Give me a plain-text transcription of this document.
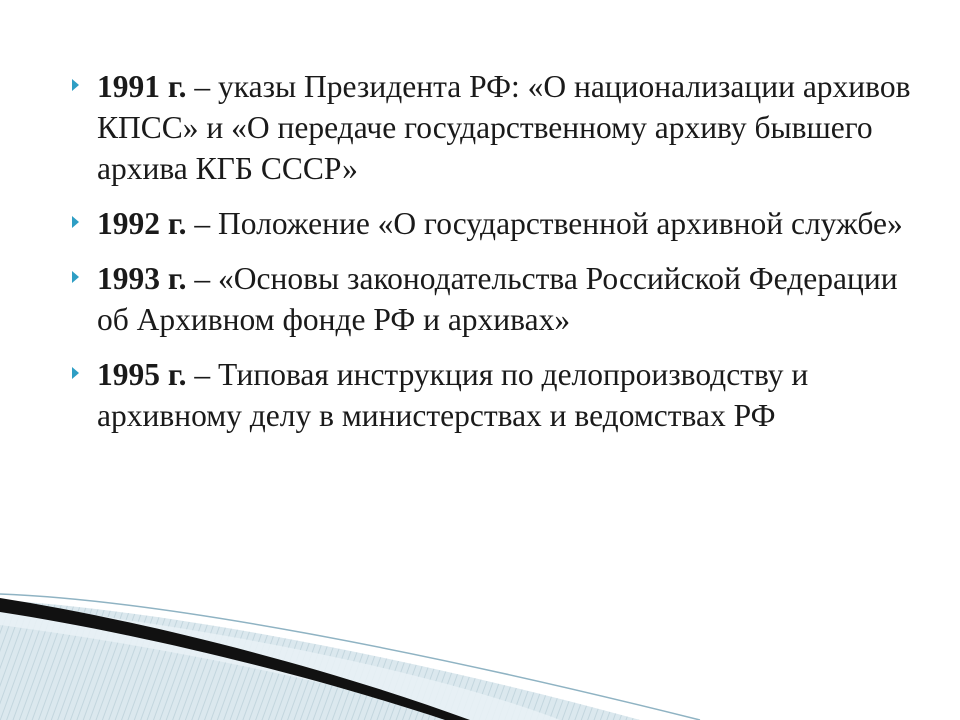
1991 г. – указы Президента РФ: «О национализации архивов КПСС» и «О передаче государственному архиву бывшего архива КГБ СССР»
1992 г. – Положение «О государственной архивной службе»
1993 г. – «Основы законодательства Российской Федерации об Архивном фонде РФ и архивах»
1995 г. – Типовая инструкция по делопроизводству и архивному делу в министерствах и ведомствах РФ
